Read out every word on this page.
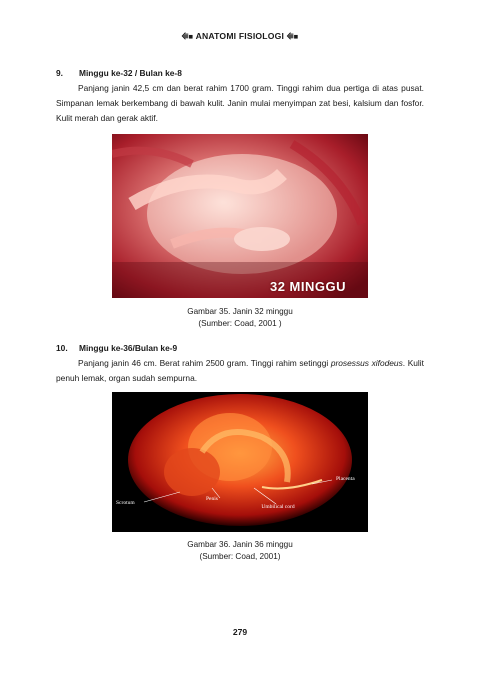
⭅■ ANATOMI FISIOLOGI ⭅■
9.	Minggu ke-32 / Bulan ke-8

Panjang janin 42,5 cm dan berat rahim 1700 gram. Tinggi rahim dua pertiga di atas pusat. Simpanan lemak berkembang di bawah kulit. Janin mulai menyimpan zat besi, kalsium dan fosfor. Kulit merah dan gerak aktif.

32 MINGGU
Gambar 35. Janin 32 minggu
(Sumber: Coad, 2001 )
10.	Minggu ke-36/Bulan ke-9

Panjang janin 46 cm. Berat rahim 2500 gram. Tinggi rahim setinggi prosessus xifodeus. Kulit penuh lemak, organ sudah sempurna.

Placenta
Scrotum
Penis
Umbilical cord
Gambar 36. Janin 36 minggu
(Sumber: Coad, 2001)
279
